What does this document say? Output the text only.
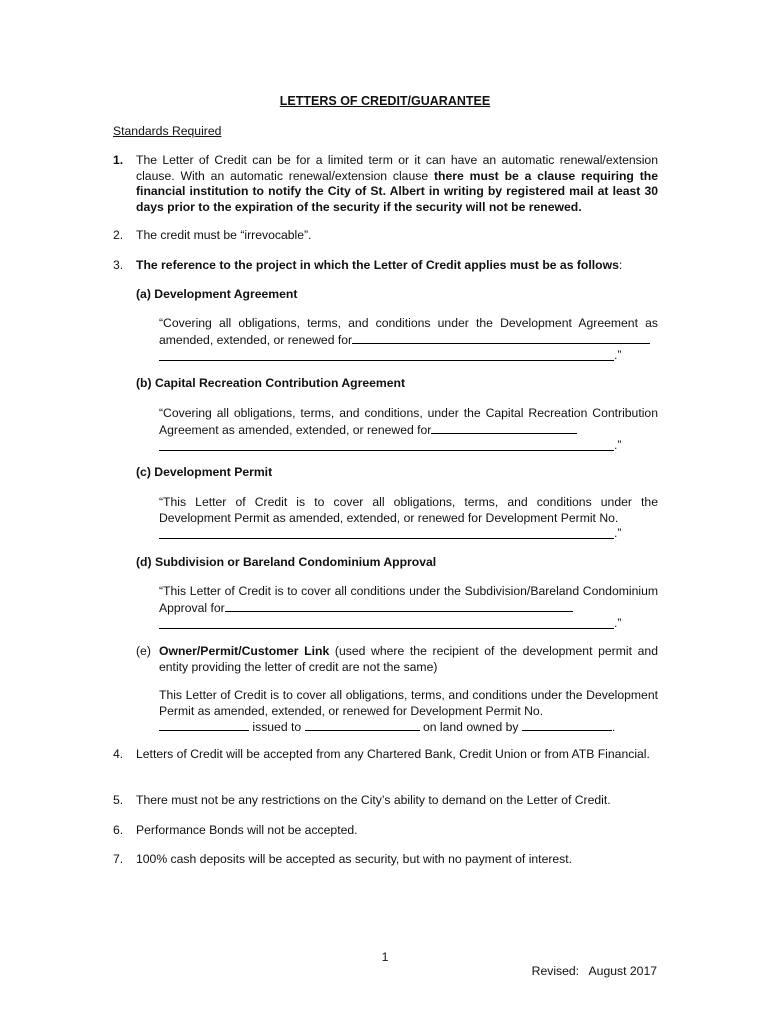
LETTERS OF CREDIT/GUARANTEE
Standards Required
1. The Letter of Credit can be for a limited term or it can have an automatic renewal/extension clause. With an automatic renewal/extension clause there must be a clause requiring the financial institution to notify the City of St. Albert in writing by registered mail at least 30 days prior to the expiration of the security if the security will not be renewed.
2. The credit must be “irrevocable”.
3. The reference to the project in which the Letter of Credit applies must be as follows:
(a) Development Agreement
“Covering all obligations, terms, and conditions under the Development Agreement as amended, extended, or renewed for
.”
(b) Capital Recreation Contribution Agreement
“Covering all obligations, terms, and conditions, under the Capital Recreation Contribution Agreement as amended, extended, or renewed for
.”
(c) Development Permit
“This Letter of Credit is to cover all obligations, terms, and conditions under the Development Permit as amended, extended, or renewed for Development Permit No.
.”
(d) Subdivision or Bareland Condominium Approval
“This Letter of Credit is to cover all conditions under the Subdivision/Bareland Condominium Approval for
.”
(e) Owner/Permit/Customer Link (used where the recipient of the development permit and entity providing the letter of credit are not the same)
This Letter of Credit is to cover all obligations, terms, and conditions under the Development Permit as amended, extended, or renewed for Development Permit No.
issued to	on land owned by	.
4. Letters of Credit will be accepted from any Chartered Bank, Credit Union or from ATB Financial.
5. There must not be any restrictions on the City’s ability to demand on the Letter of Credit.
6. Performance Bonds will not be accepted.
7. 100% cash deposits will be accepted as security, but with no payment of interest.
1
Revised:   August 2017
